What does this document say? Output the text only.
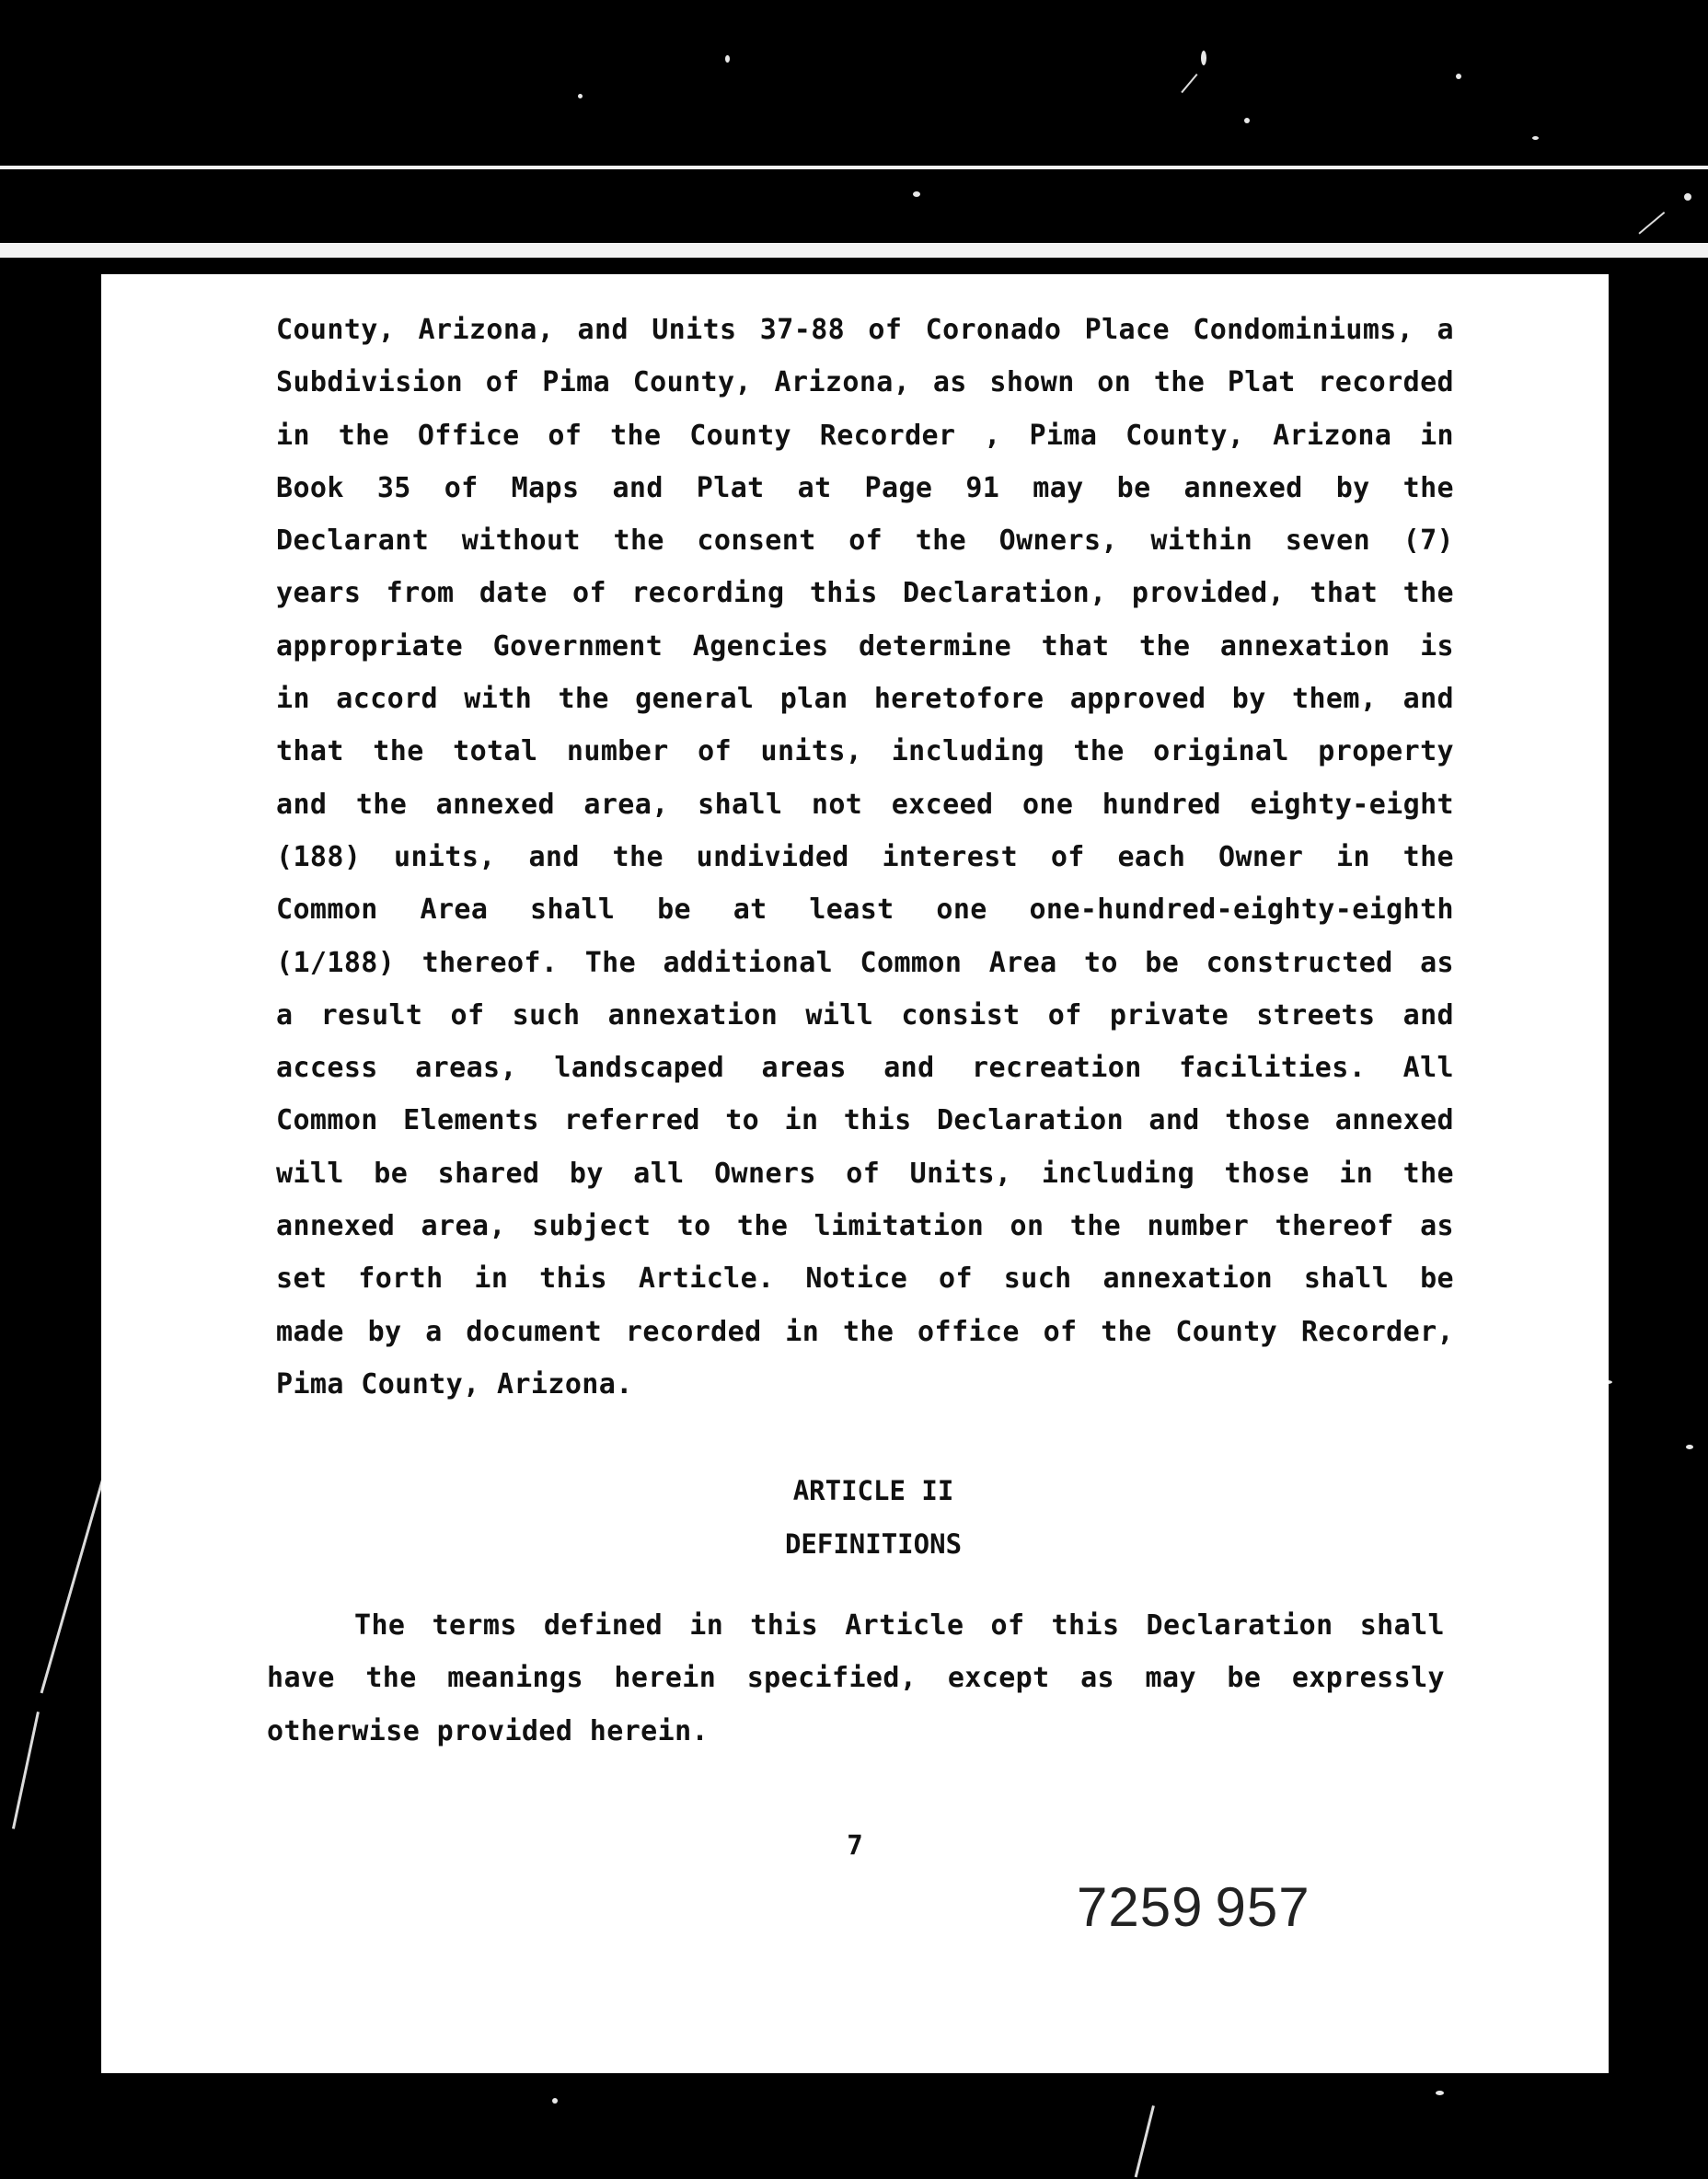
County, Arizona, and Units 37-88 of Coronado Place Condominiums, a
Subdivision of Pima County, Arizona, as shown on the Plat recorded
in the Office of the County Recorder , Pima County, Arizona in
Book 35 of Maps and Plat at Page 91 may be annexed by the
Declarant without the consent of the Owners, within seven (7)
years from date of recording this Declaration, provided, that the
appropriate Government Agencies determine that the annexation is
in accord with the general plan heretofore approved by them, and
that the total number of units, including the original property
and the annexed area, shall not exceed one hundred eighty-eight
(188) units, and the undivided interest of each Owner in the
Common Area shall be at least one one-hundred-eighty-eighth
(1/188) thereof. The additional Common Area to be constructed as
a result of such annexation will consist of private streets and
access areas, landscaped areas and recreation facilities. All
Common Elements referred to in this Declaration and those annexed
will be shared by all Owners of Units, including those in the
annexed area, subject to the limitation on the number thereof as
set forth in this Article. Notice of such annexation shall be
made by a document recorded in the office of the County Recorder,
Pima County, Arizona.

ARTICLE II

DEFINITIONS

The terms defined in this Article of this Declaration shall
have the meanings herein specified, except as may be expressly
otherwise provided herein.

7

7259 957
